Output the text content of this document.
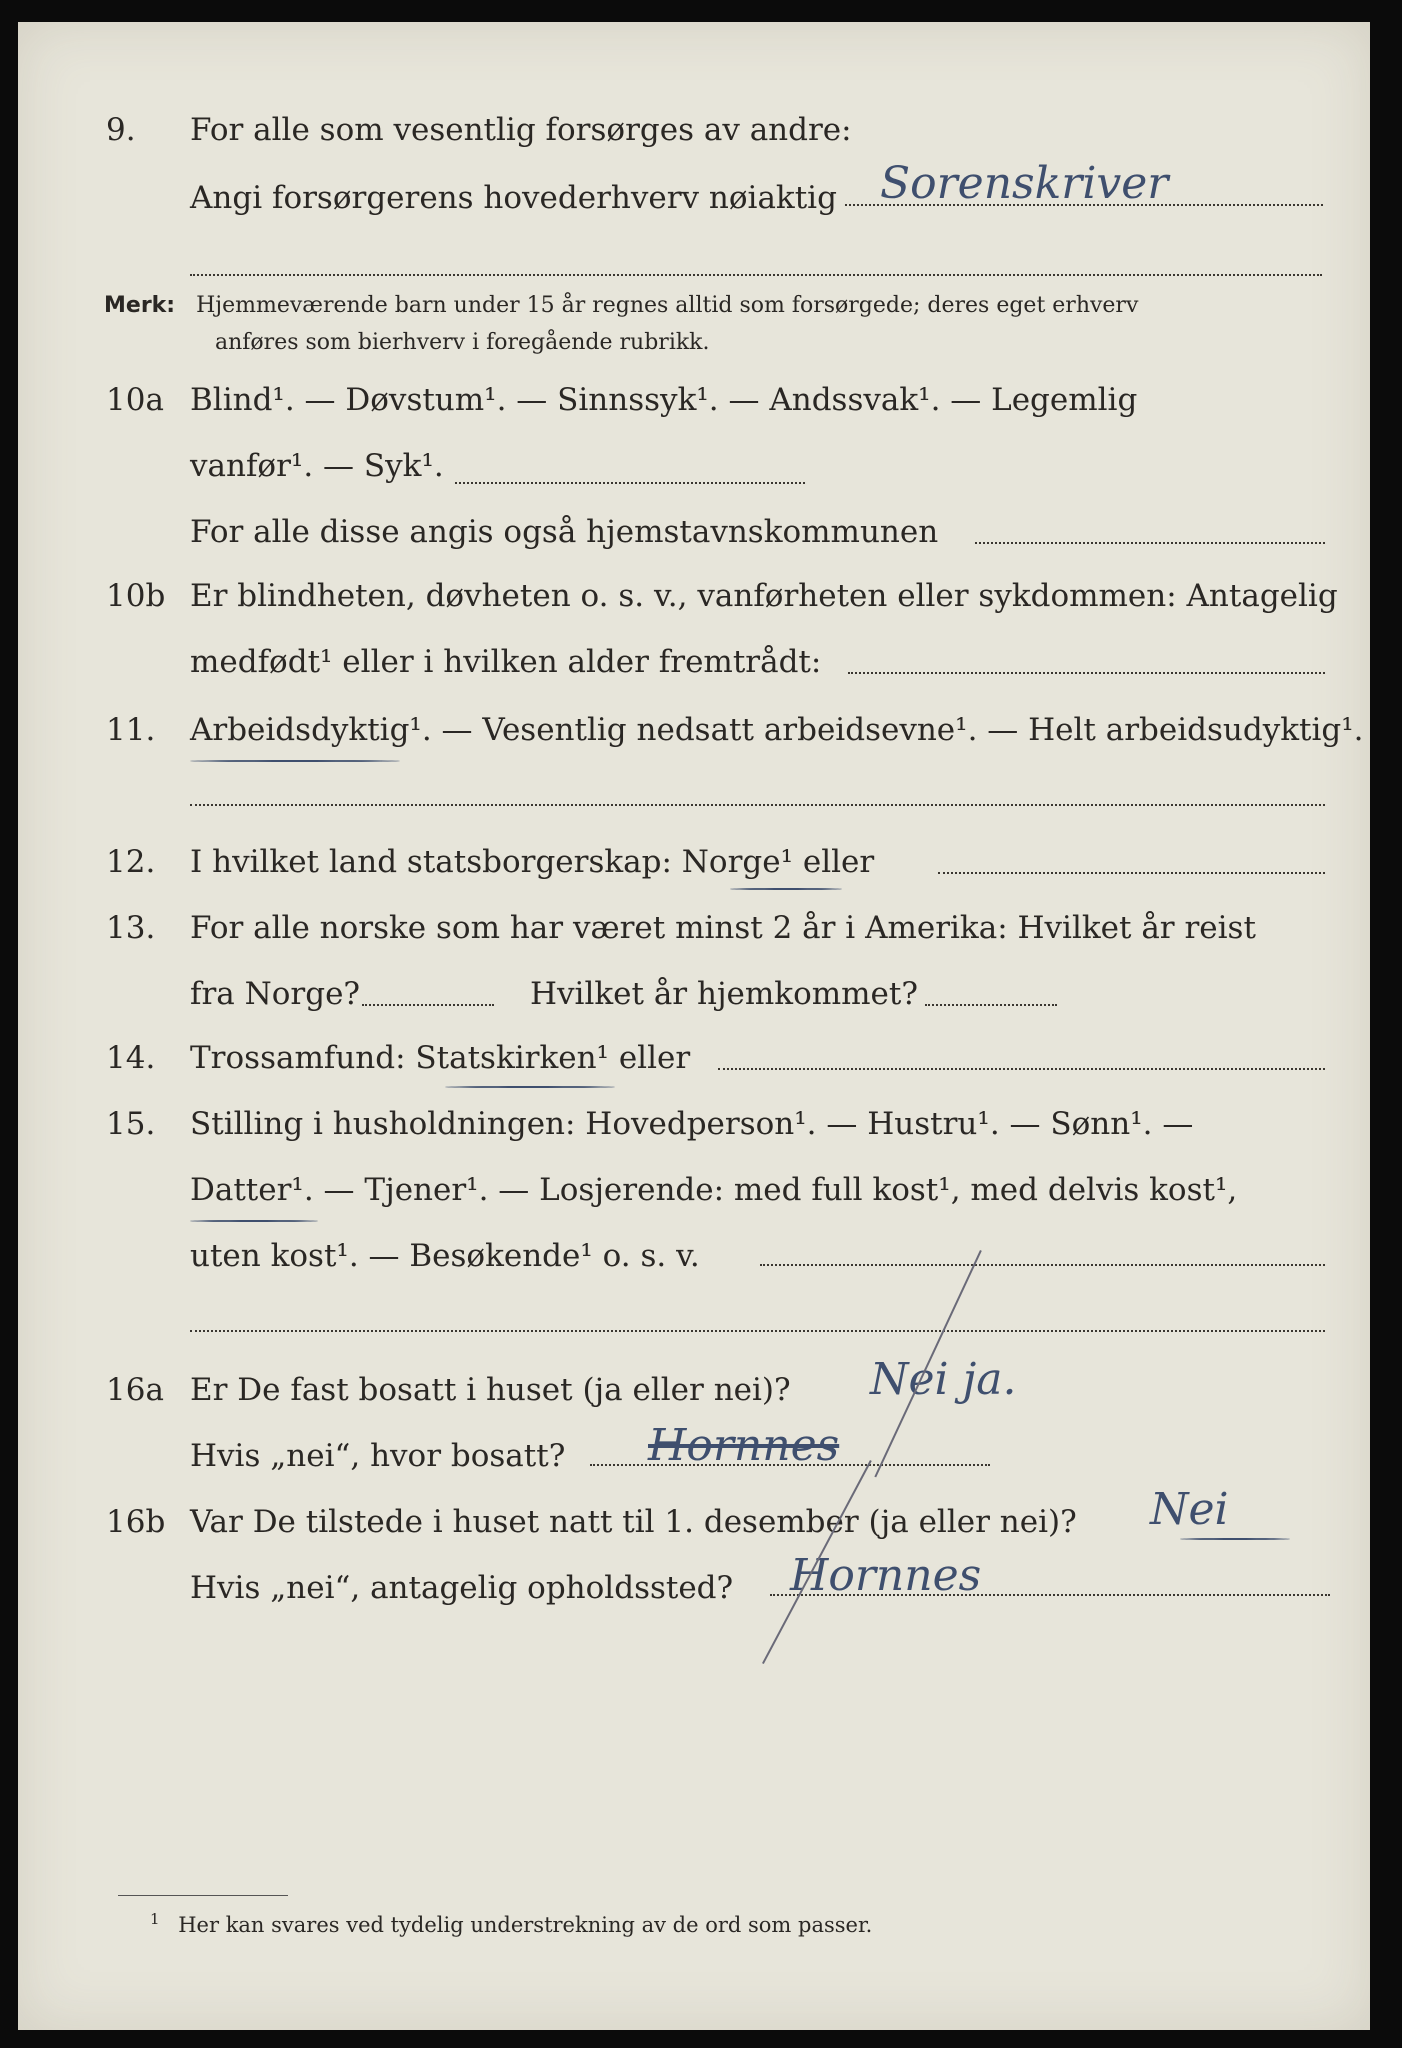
9. For alle som vesentlig forsørges av andre:
Angi forsørgerens hovederhverv nøiaktig Sorenskriver
Merk: Hjemmeværende barn under 15 år regnes alltid som forsørgede; deres eget erhverv
anføres som bierhverv i foregående rubrikk.
10a Blind¹. — Døvstum¹. — Sinnssyk¹. — Andssvak¹. — Legemlig
vanfør¹. — Syk¹.
For alle disse angis også hjemstavnskommunen
10b Er blindheten, døvheten o. s. v., vanførheten eller sykdommen: Antagelig
medfødt¹ eller i hvilken alder fremtrådt:
11. Arbeidsdyktig¹. — Vesentlig nedsatt arbeidsevne¹. — Helt arbeidsudyktig¹.
12. I hvilket land statsborgerskap: Norge¹ eller
13. For alle norske som har været minst 2 år i Amerika: Hvilket år reist
fra Norge?	Hvilket år hjemkommet?
14. Trossamfund: Statskirken¹ eller
15. Stilling i husholdningen: Hovedperson¹. — Hustru¹. — Sønn¹. —
Datter¹. — Tjener¹. — Losjerende: med full kost¹, med delvis kost¹,
uten kost¹. — Besøkende¹ o. s. v.
16a Er De fast bosatt i huset (ja eller nei)? Nei ja.
Hvis „nei“, hvor bosatt? Hornnes
16b Var De tilstede i huset natt til 1. desember (ja eller nei)? Nei
Hvis „nei“, antagelig opholdssted? Hornnes
$^1$ Her kan svares ved tydelig understrekning av de ord som passer.
